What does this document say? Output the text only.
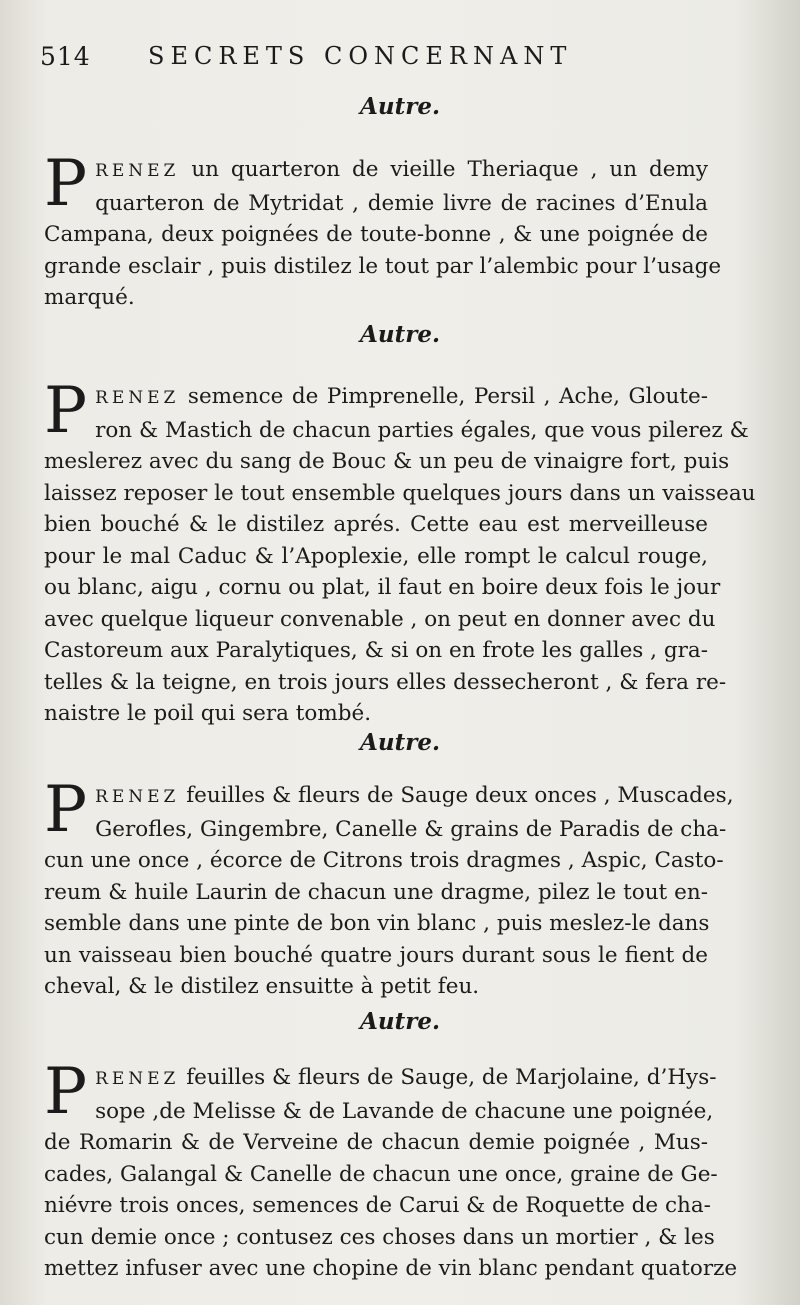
514 SECRETS CONCERNANT
Autre.
P RENEZ un quarteron de vieille Theriaque , un demy
quarteron de Mytridat , demie livre de racines d’Enula
Campana, deux poignées de toute-bonne , & une poignée de
grande esclair , puis distilez le tout par l’alembic pour l’usage
marqué.
Autre.
P RENEZ semence de Pimprenelle, Persil , Ache, Gloute-
ron & Mastich de chacun parties égales, que vous pilerez &
meslerez avec du sang de Bouc & un peu de vinaigre fort, puis
laissez reposer le tout ensemble quelques jours dans un vaisseau
bien bouché & le distilez aprés. Cette eau est merveilleuse
pour le mal Caduc & l’Apoplexie, elle rompt le calcul rouge,
ou blanc, aigu , cornu ou plat, il faut en boire deux fois le jour
avec quelque liqueur convenable , on peut en donner avec du
Castoreum aux Paralytiques, & si on en frote les galles , gra-
telles & la teigne, en trois jours elles dessecheront , & fera re-
naistre le poil qui sera tombé.
Autre.
P RENEZ feuilles & fleurs de Sauge deux onces , Muscades,
Gerofles, Gingembre, Canelle & grains de Paradis de cha-
cun une once , écorce de Citrons trois dragmes , Aspic, Casto-
reum & huile Laurin de chacun une dragme, pilez le tout en-
semble dans une pinte de bon vin blanc , puis meslez-le dans
un vaisseau bien bouché quatre jours durant sous le fient de
cheval, & le distilez ensuitte à petit feu.
Autre.
P RENEZ feuilles & fleurs de Sauge, de Marjolaine, d’Hys-
sope ,de Melisse & de Lavande de chacune une poignée,
de Romarin & de Verveine de chacun demie poignée , Mus-
cades, Galangal & Canelle de chacun une once, graine de Ge-
niévre trois onces, semences de Carui & de Roquette de cha-
cun demie once ; contusez ces choses dans un mortier , & les
mettez infuser avec une chopine de vin blanc pendant quatorze
